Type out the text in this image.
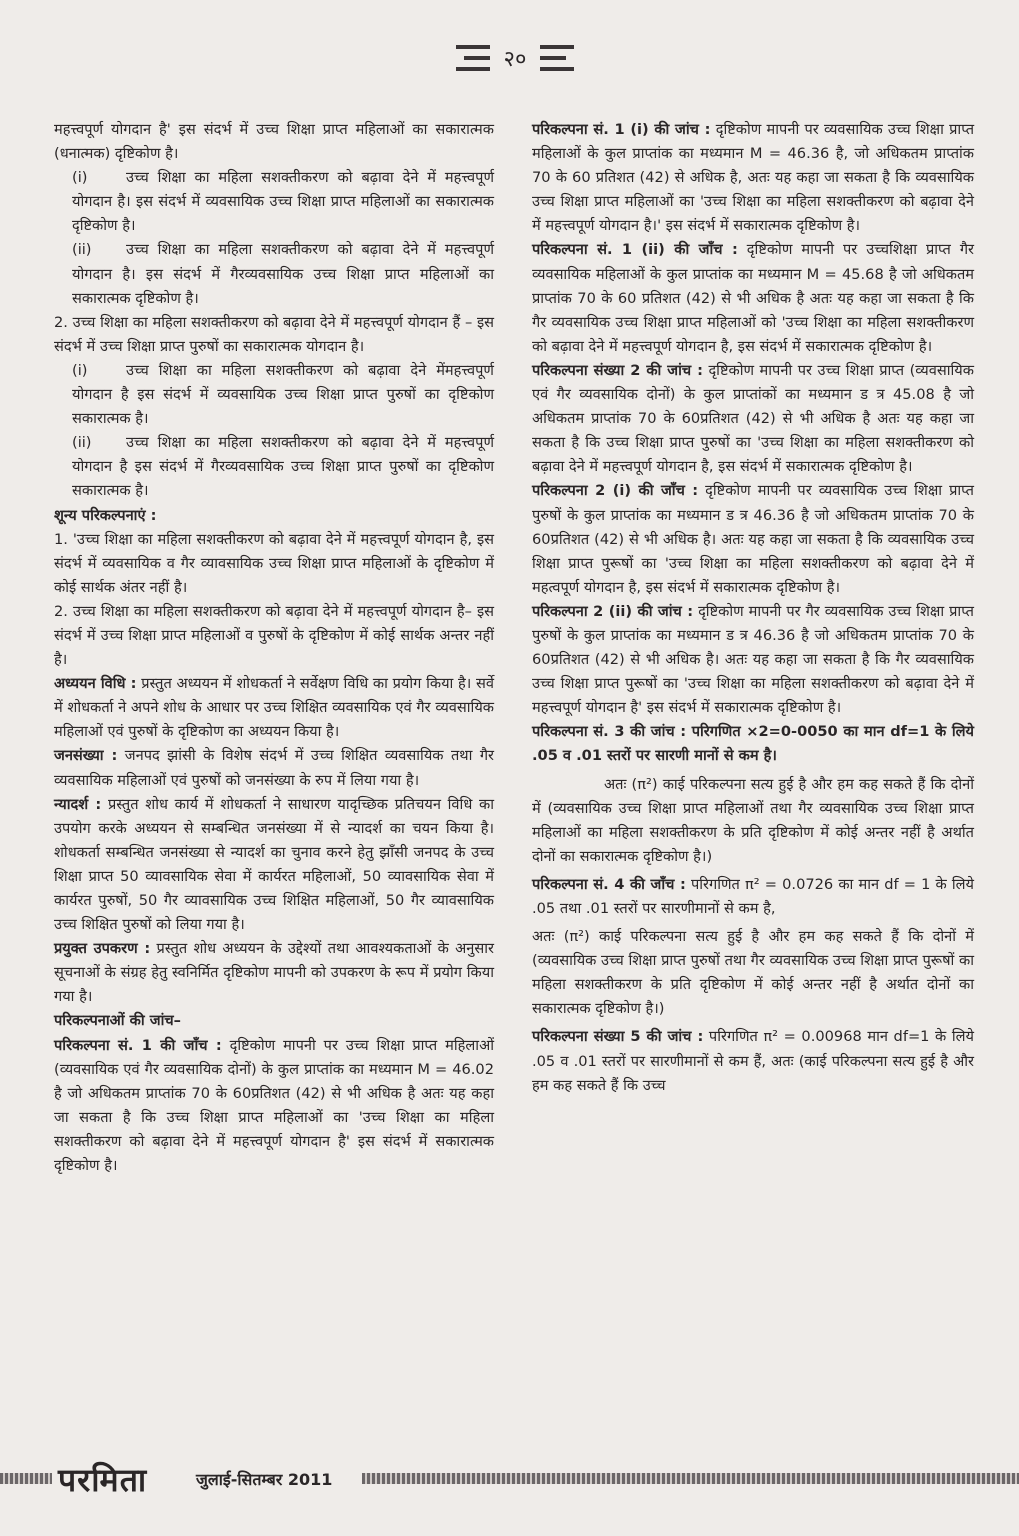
२०

महत्त्वपूर्ण योगदान है' इस संदर्भ में उच्च शिक्षा प्राप्त महिलाओं का सकारात्मक (धनात्मक) दृष्टिकोण है।

(i)	उच्च शिक्षा का महिला सशक्तीकरण को बढ़ावा देने में महत्त्वपूर्ण योगदान है। इस संदर्भ में व्यवसायिक उच्च शिक्षा प्राप्त महिलाओं का सकारात्मक दृष्टिकोण है।

(ii) उच्च शिक्षा का महिला सशक्तीकरण को बढ़ावा देने में महत्त्वपूर्ण योगदान है। इस संदर्भ में गैरव्यवसायिक उच्च शिक्षा प्राप्त महिलाओं का सकारात्मक दृष्टिकोण है।

2. उच्च शिक्षा का महिला सशक्तीकरण को बढ़ावा देने में महत्त्वपूर्ण योगदान हैं – इस संदर्भ में उच्च शिक्षा प्राप्त पुरुषों का सकारात्मक योगदान है।

(i)	उच्च शिक्षा का महिला सशक्तीकरण को बढ़ावा देने मेंमहत्त्वपूर्ण योगदान है इस संदर्भ में व्यवसायिक उच्च शिक्षा प्राप्त पुरुषों का दृष्टिकोण सकारात्मक है।

(ii) उच्च शिक्षा का महिला सशक्तीकरण को बढ़ावा देने में महत्त्वपूर्ण योगदान है इस संदर्भ में गैरव्यवसायिक उच्च शिक्षा प्राप्त पुरुषों का दृष्टिकोण सकारात्मक है।

शून्य परिकल्पनाएं :

1. 'उच्च शिक्षा का महिला सशक्तीकरण को बढ़ावा देने में महत्त्वपूर्ण योगदान है, इस संदर्भ में व्यवसायिक व गैर व्यावसायिक उच्च शिक्षा प्राप्त महिलाओं के दृष्टिकोण में कोई सार्थक अंतर नहीं है।

2. उच्च शिक्षा का महिला सशक्तीकरण को बढ़ावा देने में महत्त्वपूर्ण योगदान है– इस संदर्भ में उच्च शिक्षा प्राप्त महिलाओं व पुरुषों के दृष्टिकोण में कोई सार्थक अन्तर नहीं है।

अध्ययन विधि : प्रस्तुत अध्ययन में शोधकर्ता ने सर्वेक्षण विधि का प्रयोग किया है। सर्वे में शोधकर्ता ने अपने शोध के आधार पर उच्च शिक्षित व्यवसायिक एवं गैर व्यवसायिक महिलाओं एवं पुरुषों के दृष्टिकोण का अध्ययन किया है।

जनसंख्या : जनपद झांसी के विशेष संदर्भ में उच्च शिक्षित व्यवसायिक तथा गैर व्यवसायिक महिलाओं एवं पुरुषों को जनसंख्या के रुप में लिया गया है।

न्यादर्श : प्रस्तुत शोध कार्य में शोधकर्ता ने साधारण यादृच्छिक प्रतिचयन विधि का उपयोग करके अध्ययन से सम्बन्धित जनसंख्या में से न्यादर्श का चयन किया है। शोधकर्ता सम्बन्धित जनसंख्या से न्यादर्श का चुनाव करने हेतु झाँसी जनपद के उच्च शिक्षा प्राप्त 50 व्यावसायिक सेवा में कार्यरत महिलाओं, 50 व्यावसायिक सेवा में कार्यरत पुरुषों, 50 गैर व्यावसायिक उच्च शिक्षित महिलाओं, 50 गैर व्यावसायिक उच्च शिक्षित पुरुषों को लिया गया है।

प्रयुक्त उपकरण : प्रस्तुत शोध अध्ययन के उद्देश्यों तथा आवश्यकताओं के अनुसार सूचनाओं के संग्रह हेतु स्वनिर्मित दृष्टिकोण मापनी को उपकरण के रूप में प्रयोग किया गया है।

परिकल्पनाओं की जांच–

परिकल्पना सं. 1 की जाँच : दृष्टिकोण मापनी पर उच्च शिक्षा प्राप्त महिलाओं (व्यवसायिक एवं गैर व्यवसायिक दोनों) के कुल प्राप्तांक का मध्यमान M = 46.02 है जो अधिकतम प्राप्तांक 70 के 60प्रतिशत (42) से भी अधिक है अतः यह कहा जा सकता है कि उच्च शिक्षा प्राप्त महिलाओं का 'उच्च शिक्षा का महिला सशक्तीकरण को बढ़ावा देने में महत्त्वपूर्ण योगदान है' इस संदर्भ में सकारात्मक दृष्टिकोण है।

परिकल्पना सं. 1 (i) की जांच : दृष्टिकोण मापनी पर व्यवसायिक उच्च शिक्षा प्राप्त महिलाओं के कुल प्राप्तांक का मध्यमान M = 46.36 है, जो अधिकतम प्राप्तांक 70 के 60 प्रतिशत (42) से अधिक है, अतः यह कहा जा सकता है कि व्यवसायिक उच्च शिक्षा प्राप्त महिलाओं का 'उच्च शिक्षा का महिला सशक्तीकरण को बढ़ावा देने में महत्त्वपूर्ण योगदान है।' इस संदर्भ में सकारात्मक दृष्टिकोण है।

परिकल्पना सं. 1 (ii) की जाँच : दृष्टिकोण मापनी पर उच्चशिक्षा प्राप्त गैर व्यवसायिक महिलाओं के कुल प्राप्तांक का मध्यमान M = 45.68 है जो अधिकतम प्राप्तांक 70 के 60 प्रतिशत (42) से भी अधिक है अतः यह कहा जा सकता है कि गैर व्यवसायिक उच्च शिक्षा प्राप्त महिलाओं को 'उच्च शिक्षा का महिला सशक्तीकरण को बढ़ावा देने में महत्त्वपूर्ण योगदान है, इस संदर्भ में सकारात्मक दृष्टिकोण है।

परिकल्पना संख्या 2 की जांच : दृष्टिकोण मापनी पर उच्च शिक्षा प्राप्त (व्यवसायिक एवं गैर व्यवसायिक दोनों) के कुल प्राप्तांकों का मध्यमान ड त्र 45.08 है जो अधिकतम प्राप्तांक 70 के 60प्रतिशत (42) से भी अधिक है अतः यह कहा जा सकता है कि उच्च शिक्षा प्राप्त पुरुषों का 'उच्च शिक्षा का महिला सशक्तीकरण को बढ़ावा देने में महत्त्वपूर्ण योगदान है, इस संदर्भ में सकारात्मक दृष्टिकोण है।

परिकल्पना 2 (i) की जाँच : दृष्टिकोण मापनी पर व्यवसायिक उच्च शिक्षा प्राप्त पुरुषों के कुल प्राप्तांक का मध्यमान ड त्र 46.36 है जो अधिकतम प्राप्तांक 70 के 60प्रतिशत (42) से भी अधिक है। अतः यह कहा जा सकता है कि व्यवसायिक उच्च शिक्षा प्राप्त पुरूषों का 'उच्च शिक्षा का महिला सशक्तीकरण को बढ़ावा देने में महत्वपूर्ण योगदान है, इस संदर्भ में सकारात्मक दृष्टिकोण है।

परिकल्पना 2 (ii) की जांच : दृष्टिकोण मापनी पर गैर व्यवसायिक उच्च शिक्षा प्राप्त पुरुषों के कुल प्राप्तांक का मध्यमान ड त्र 46.36 है जो अधिकतम प्राप्तांक 70 के 60प्रतिशत (42) से भी अधिक है। अतः यह कहा जा सकता है कि गैर व्यवसायिक उच्च शिक्षा प्राप्त पुरूषों का 'उच्च शिक्षा का महिला सशक्तीकरण को बढ़ावा देने में महत्त्वपूर्ण योगदान है' इस संदर्भ में सकारात्मक दृष्टिकोण है।

परिकल्पना सं. 3 की जांच : परिगणित ×2=0-0050 का मान df=1 के लिये .05 व .01 स्तरों पर सारणी मानों से कम है।

अतः (π²) काई परिकल्पना सत्य हुई है और हम कह सकते हैं कि दोनों में (व्यवसायिक उच्च शिक्षा प्राप्त महिलाओं तथा गैर व्यवसायिक उच्च शिक्षा प्राप्त महिलाओं का महिला सशक्तीकरण के प्रति दृष्टिकोण में कोई अन्तर नहीं है अर्थात दोनों का सकारात्मक दृष्टिकोण है।)

परिकल्पना सं. 4 की जाँच : परिगणित π² = 0.0726 का मान df = 1 के लिये .05 तथा .01 स्तरों पर सारणीमानों से कम है,

अतः (π²) काई परिकल्पना सत्य हुई है और हम कह सकते हैं कि दोनों में (व्यवसायिक उच्च शिक्षा प्राप्त पुरुषों तथा गैर व्यवसायिक उच्च शिक्षा प्राप्त पुरूषों का महिला सशक्तीकरण के प्रति दृष्टिकोण में कोई अन्तर नहीं है अर्थात दोनों का सकारात्मक दृष्टिकोण है।)

परिकल्पना संख्या 5 की जांच : परिगणित π² = 0.00968 मान df=1 के लिये .05 व .01 स्तरों पर सारणीमानों से कम हैं, अतः (काई परिकल्पना सत्य हुई है और हम कह सकते हैं कि उच्च

परमिता	जुलाई-सितम्बर 2011
